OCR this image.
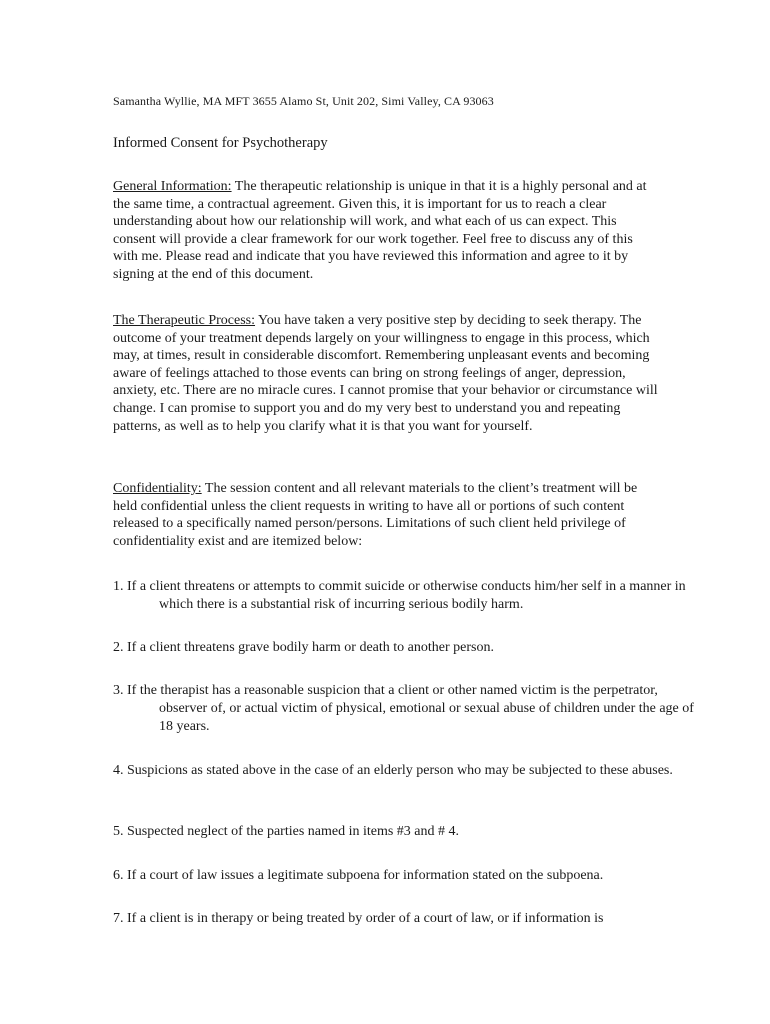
Samantha Wyllie, MA MFT 3655 Alamo St, Unit 202, Simi Valley, CA 93063
Informed Consent for Psychotherapy

General Information: The therapeutic relationship is unique in that it is a highly personal and at the same time, a contractual agreement. Given this, it is important for us to reach a clear understanding about how our relationship will work, and what each of us can expect. This consent will provide a clear framework for our work together. Feel free to discuss any of this with me. Please read and indicate that you have reviewed this information and agree to it by signing at the end of this document.

The Therapeutic Process: You have taken a very positive step by deciding to seek therapy. The outcome of your treatment depends largely on your willingness to engage in this process, which may, at times, result in considerable discomfort. Remembering unpleasant events and becoming aware of feelings attached to those events can bring on strong feelings of anger, depression, anxiety, etc. There are no miracle cures. I cannot promise that your behavior or circumstance will change. I can promise to support you and do my very best to understand you and repeating patterns, as well as to help you clarify what it is that you want for yourself.

Confidentiality: The session content and all relevant materials to the client’s treatment will be held confidential unless the client requests in writing to have all or portions of such content released to a specifically named person/persons. Limitations of such client held privilege of confidentiality exist and are itemized below:

1. If a client threatens or attempts to commit suicide or otherwise conducts him/her self in a manner in which there is a substantial risk of incurring serious bodily harm.

2. If a client threatens grave bodily harm or death to another person.

3. If the therapist has a reasonable suspicion that a client or other named victim is the perpetrator, observer of, or actual victim of physical, emotional or sexual abuse of children under the age of 18 years.

4. Suspicions as stated above in the case of an elderly person who may be subjected to these abuses.

5. Suspected neglect of the parties named in items #3 and # 4.

6. If a court of law issues a legitimate subpoena for information stated on the subpoena.

7. If a client is in therapy or being treated by order of a court of law, or if information is
